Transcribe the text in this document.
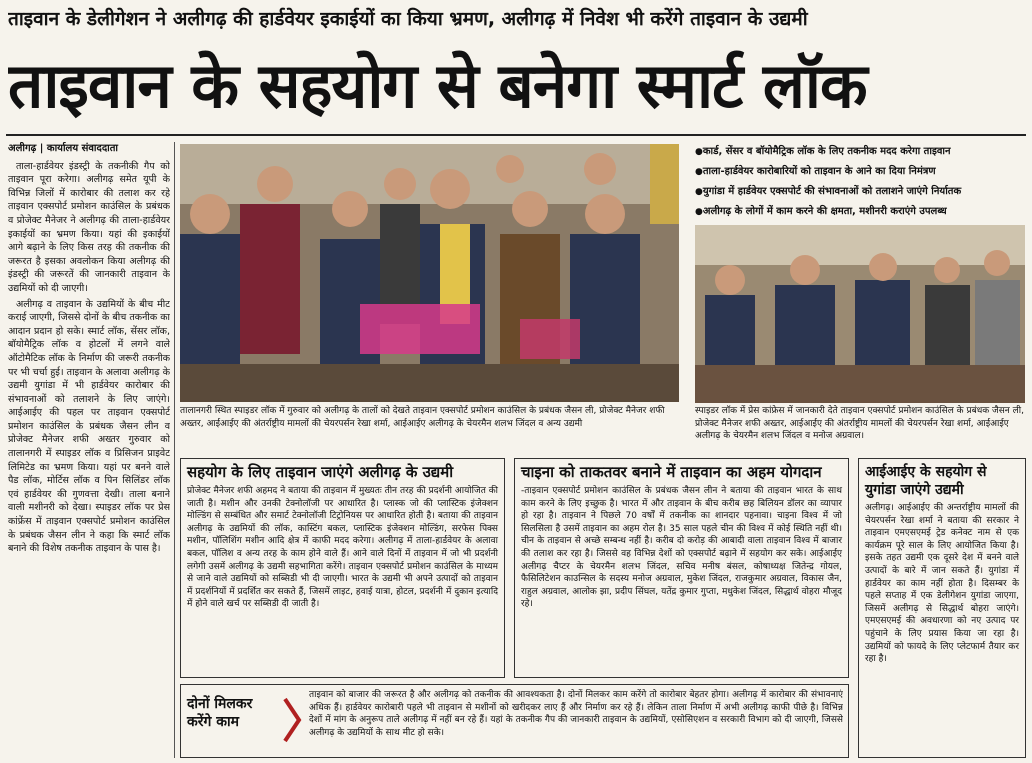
ताइवान के डेलीगेशन ने अलीगढ़ की हार्डवेयर इकाईयों का किया भ्रमण, अलीगढ़ में निवेश भी करेंगे ताइवान के उद्यमी
ताइवान के सहयोग से बनेगा स्मार्ट लॉक
अलीगढ़ | कार्यालय संवाददाता

ताला-हार्डवेयर इंडस्ट्री के तकनीकी गैप को ताइवान पूरा करेगा। अलीगढ़ समेत यूपी के विभिन्न जिलों में कारोबार की तलाश कर रहे ताइवान एक्सपोर्ट प्रमोशन काउंसिल के प्रबंधक व प्रोजेक्ट मैनेजर ने अलीगढ़ की ताला-हार्डवेयर इकाईयों का भ्रमण किया। यहां की इकाईयों आगे बढ़ाने के लिए किस तरह की तकनीक की जरूरत है इसका अवलोकन किया अलीगढ़ की इंडस्ट्री की जरूरतें की जानकारी ताइवान के उद्यमियों को दी जाएगी।

अलीगढ़ व ताइवान के उद्यमियों के बीच मीट कराई जाएगी, जिससे दोनों के बीच तकनीक का आदान प्रदान हो सके। स्मार्ट लॉक, सेंसर लॉक, बॉयोमैट्रिक लॉक व होटलों में लगने वाले ऑटोमैटिक लॉक के निर्माण की जरूरी तकनीक पर भी चर्चा हुई। ताइवान के अलावा अलीगढ़ के उद्यमी युगांडा में भी हार्डवेयर कारोबार की संभावनाओं को तलाशने के लिए जाएंगे। आईआईए की पहल पर ताइवान एक्सपोर्ट प्रमोशन काउंसिल के प्रबंधक जैसन लीन व प्रोजेक्ट मैनेजर शफी अख्तर गुरुवार को तालानगरी में स्पाइडर लॉक व प्रिसिजन प्राइवेट लिमिटेड का भ्रमण किया। यहां पर बनने वाले पैड लॉक, मोर्टिस लॉक व पिन सिलिंडर लॉक एवं हार्डवेयर की गुणवत्ता देखी। ताला बनाने वाली मशीनरी को देखा। स्पाइडर लॉक पर प्रेस कांफ्रेंस में ताइवान एक्सपोर्ट प्रमोशन काउंसिल के प्रबंधक जैसन लीन ने कहा कि स्मार्ट लॉक बनाने की विशेष तकनीक ताइवान के पास है।

तालानगरी स्थित स्पाइडर लॉक में गुरुवार को अलीगढ़ के तालों को देखते ताइवान एक्सपोर्ट प्रमोशन काउंसिल के प्रबंधक जैसन ली, प्रोजेक्ट मैनेजर शफी अख्तर, आईआईए की अंतर्राष्ट्रीय मामलों की चेयरपर्सन रेखा शर्मा, आईआईए अलीगढ़ के चेयरमैन शलभ जिंदल व अन्य उद्यमी
● कार्ड, सेंसर व बॉयोमैट्रिक लॉक के लिए तकनीक मदद करेगा ताइवान
● ताला-हार्डवेयर कारोबारियों को ताइवान के आने का दिया निमंत्रण
● युगांडा में हार्डवेयर एक्सपोर्ट की संभावनाओं को तलाशने जाएंगे निर्यातक
● अलीगढ़ के लोगों में काम करने की क्षमता, मशीनरी कराएंगे उपलब्ध
स्पाइडर लॉक में प्रेस कांफ्रेस में जानकारी देते ताइवान एक्सपोर्ट प्रमोशन काउंसिल के प्रबंधक जैसन ली, प्रोजेक्ट मैनेजर शफी अख्तर, आईआईए की अंतर्राष्ट्रीय मामलों की चेयरपर्सन रेखा शर्मा, आईआईए अलीगढ़ के चेयरमैन शलभ जिंदल व मनोज अग्रवाल।
सहयोग के लिए ताइवान जाएंगे अलीगढ़ के उद्यमी
प्रोजेक्ट मैनेजर शफी अहमद ने बताया की ताइवान में मुख्यतः तीन तरह की प्रदर्शनी आयोजित की जाती है। मशीन और उनकी टेक्नोलॉजी पर आधारित है। प्लास्क जो की प्लास्टिक इंजेक्शन मोल्डिंग से सम्बंधित और समार्ट टेक्नोलॉजी टिट्रोनियस पर आधारित होती है। बताया की ताइवान अलीगढ़ के उद्यमियों की लॉक, कास्टिंग बकल, प्लास्टिक इंजेक्शन मोल्डिंग, सरफेस पिक्स मशीन, पॉलिशिंग मशीन आदि क्षेत्र में काफी मदद करेगा। अलीगढ़ में ताला-हार्डवेयर के अलावा बकल, पॉलिश व अन्य तरह के काम होने वाले हैं। आने वाले दिनों में ताइवान में जो भी प्रदर्शनी लगेगी उसमें अलीगढ़ के उद्यमी सहभागिता करेंगे। ताइवान एक्सपोर्ट प्रमोशन काउंसिल के माध्यम से जाने वाले उद्यमियों को सब्सिडी भी दी जाएगी। भारत के उद्यमी भी अपने उत्पादों को ताइवान में प्रदर्शनियों में प्रदर्शित कर सकते हैं, जिसमें लाइट, हवाई यात्रा, होटल, प्रदर्शनी में दुकान इत्यादि में होने वाले खर्च पर सब्सिडी दी जाती है।
चाइना को ताकतवर बनाने में ताइवान का अहम योगदान
-ताइवान एक्सपोर्ट प्रमोशन काउंसिल के प्रबंधक जैसन लीन ने बताया की ताइवान भारत के साथ काम करने के लिए इच्छुक है। भारत में और ताइवान के बीच करीब छह बिलियन डॉलर का व्यापार हो रहा है। ताइवान ने पिछले 70 वर्षों में तकनीक का शानदार पहनावा। चाइना विश्व में जो सिलसिला है उसमें ताइवान का अहम रोल है। 35 साल पहले चीन की विश्व में कोई स्थिति नहीं थी। चीन के ताइवान से अच्छे सम्बन्ध नहीं है। करीब दो करोड़ की आबादी वाला ताइवान विश्व में बाजार की तलाश कर रहा है। जिससे वह विभिन्न देशों को एक्सपोर्ट बढ़ाने में सहयोग कर सके। आईआईए अलीगढ़ चैप्टर के चेयरमैन शलभ जिंदल, सचिव मनीष बंसल, कोषाध्यक्ष जितेन्द्र गोयल, फैसिलिटेशन काउन्सिल के सदस्य मनोज अग्रवाल, मुकेश जिंदल, राजकुमार अग्रवाल, विकास जैन, राहुल अग्रवाल, आलोक झा, प्रदीप सिंघल, यतेंद्र कुमार गुप्ता, मधुकेश जिंदल, सिद्धार्थ वोहरा मौजूद रहे।
आईआईए के सहयोग से युगांडा जाएंगे उद्यमी
अलीगढ़। आईआईए की अन्तर्राष्ट्रीय मामलों की चेयरपर्सन रेखा शर्मा ने बताया की सरकार ने ताइवान एमएसएमई ट्रेड कनेक्ट नाम से एक कार्यक्रम पूरे साल के लिए आयोजित किया है। इसके तहत उद्यमी एक दूसरे देश में बनने वाले उत्पादों के बारे में जान सकते हैं। युगांडा में हार्डवेयर का काम नहीं होता है। दिसम्बर के पहले सप्ताह में एक डेलीगेशन युगांडा जाएगा, जिसमें अलीगढ़ से सिद्धार्थ बोहरा जाएंगे। एमएसएमई की अवधारणा को नए उत्पाद पर पहुंचाने के लिए प्रयास किया जा रहा है। उद्यमियों को फायदे के लिए प्लेटफार्म तैयार कर रहा है।
दोनों मिलकर करेंगे काम
ताइवान को बाजार की जरूरत है और अलीगढ़ को तकनीक की आवश्यकता है। दोनों मिलकर काम करेंगे तो कारोबार बेहतर होगा। अलीगढ़ में कारोबार की संभावनाएं अधिक हैं। हार्डवेयर कारोबारी पहले भी ताइवान से मशीनों को खरीदकर लाए हैं और निर्माण कर रहे हैं। लेकिन ताला निर्माण में अभी अलीगढ़ काफी पीछे है। विभिन्न देशों में मांग के अनुरूप ताले अलीगढ़ में नहीं बन रहे हैं। यहां के तकनीक गैप की जानकारी ताइवान के उद्यमियों, एसोसिएशन व सरकारी विभाग को दी जाएगी, जिससे अलीगढ़ के उद्यमियों के साथ मीट हो सके।
